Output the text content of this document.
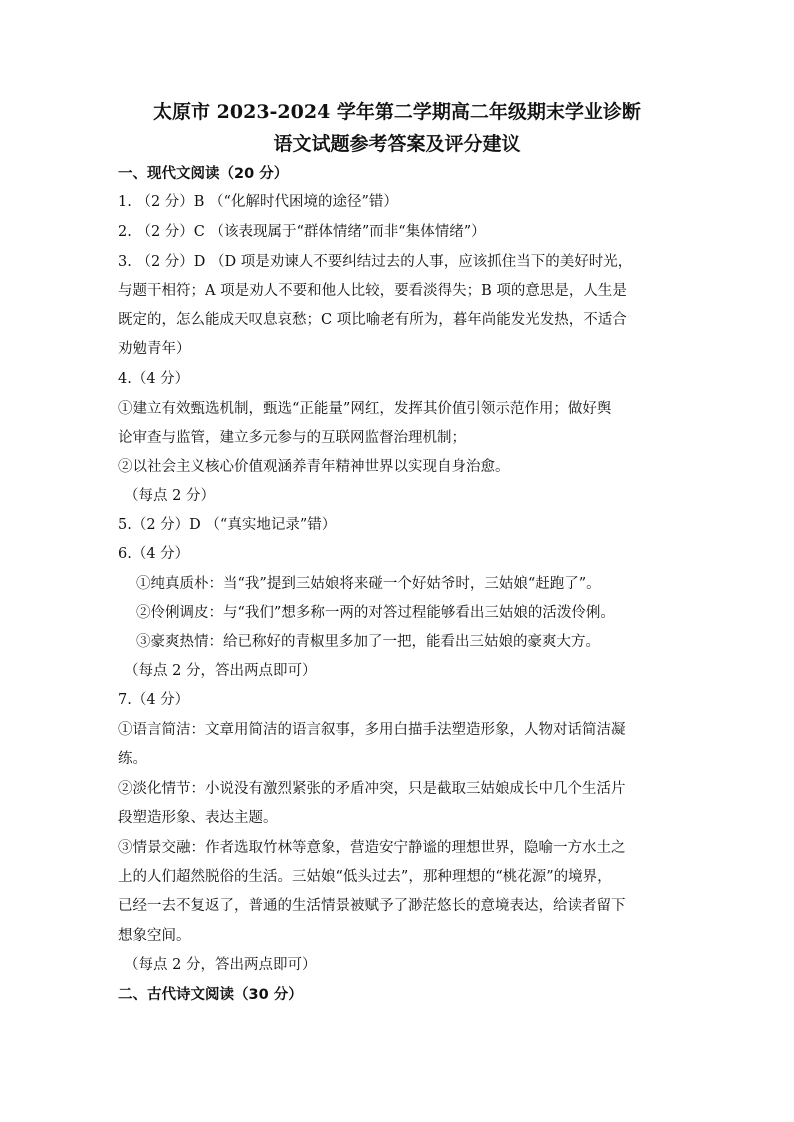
太原市 2023-2024 学年第二学期高二年级期末学业诊断
语文试题参考答案及评分建议
一、现代文阅读（20 分）
1. （2 分）B （“化解时代困境的途径”错）
2. （2 分）C （该表现属于“群体情绪”而非“集体情绪”）
3. （2 分）D （D 项是劝谏人不要纠结过去的人事，应该抓住当下的美好时光，
与题干相符；A 项是劝人不要和他人比较，要看淡得失；B 项的意思是，人生是
既定的，怎么能成天叹息哀愁；C 项比喻老有所为，暮年尚能发光发热，不适合
劝勉青年）
4.（4 分）
①建立有效甄选机制，甄选“正能量”网红，发挥其价值引领示范作用；做好舆
论审查与监管，建立多元参与的互联网监督治理机制；
②以社会主义核心价值观涵养青年精神世界以实现自身治愈。
（每点 2 分）
5.（2 分）D （“真实地记录”错）
6.（4 分）
①纯真质朴：当“我”提到三姑娘将来碰一个好姑爷时，三姑娘“赶跑了”。
②伶俐调皮：与“我们”想多称一两的对答过程能够看出三姑娘的活泼伶俐。
③豪爽热情：给已称好的青椒里多加了一把，能看出三姑娘的豪爽大方。
（每点 2 分，答出两点即可）
7.（4 分）
①语言简洁：文章用简洁的语言叙事，多用白描手法塑造形象，人物对话简洁凝
练。
②淡化情节：小说没有激烈紧张的矛盾冲突，只是截取三姑娘成长中几个生活片
段塑造形象、表达主题。
③情景交融：作者选取竹林等意象，营造安宁静谧的理想世界，隐喻一方水土之
上的人们超然脱俗的生活。三姑娘“低头过去”，那种理想的“桃花源”的境界，
已经一去不复返了，普通的生活情景被赋予了渺茫悠长的意境表达，给读者留下
想象空间。
（每点 2 分，答出两点即可）
二、古代诗文阅读（30 分）
